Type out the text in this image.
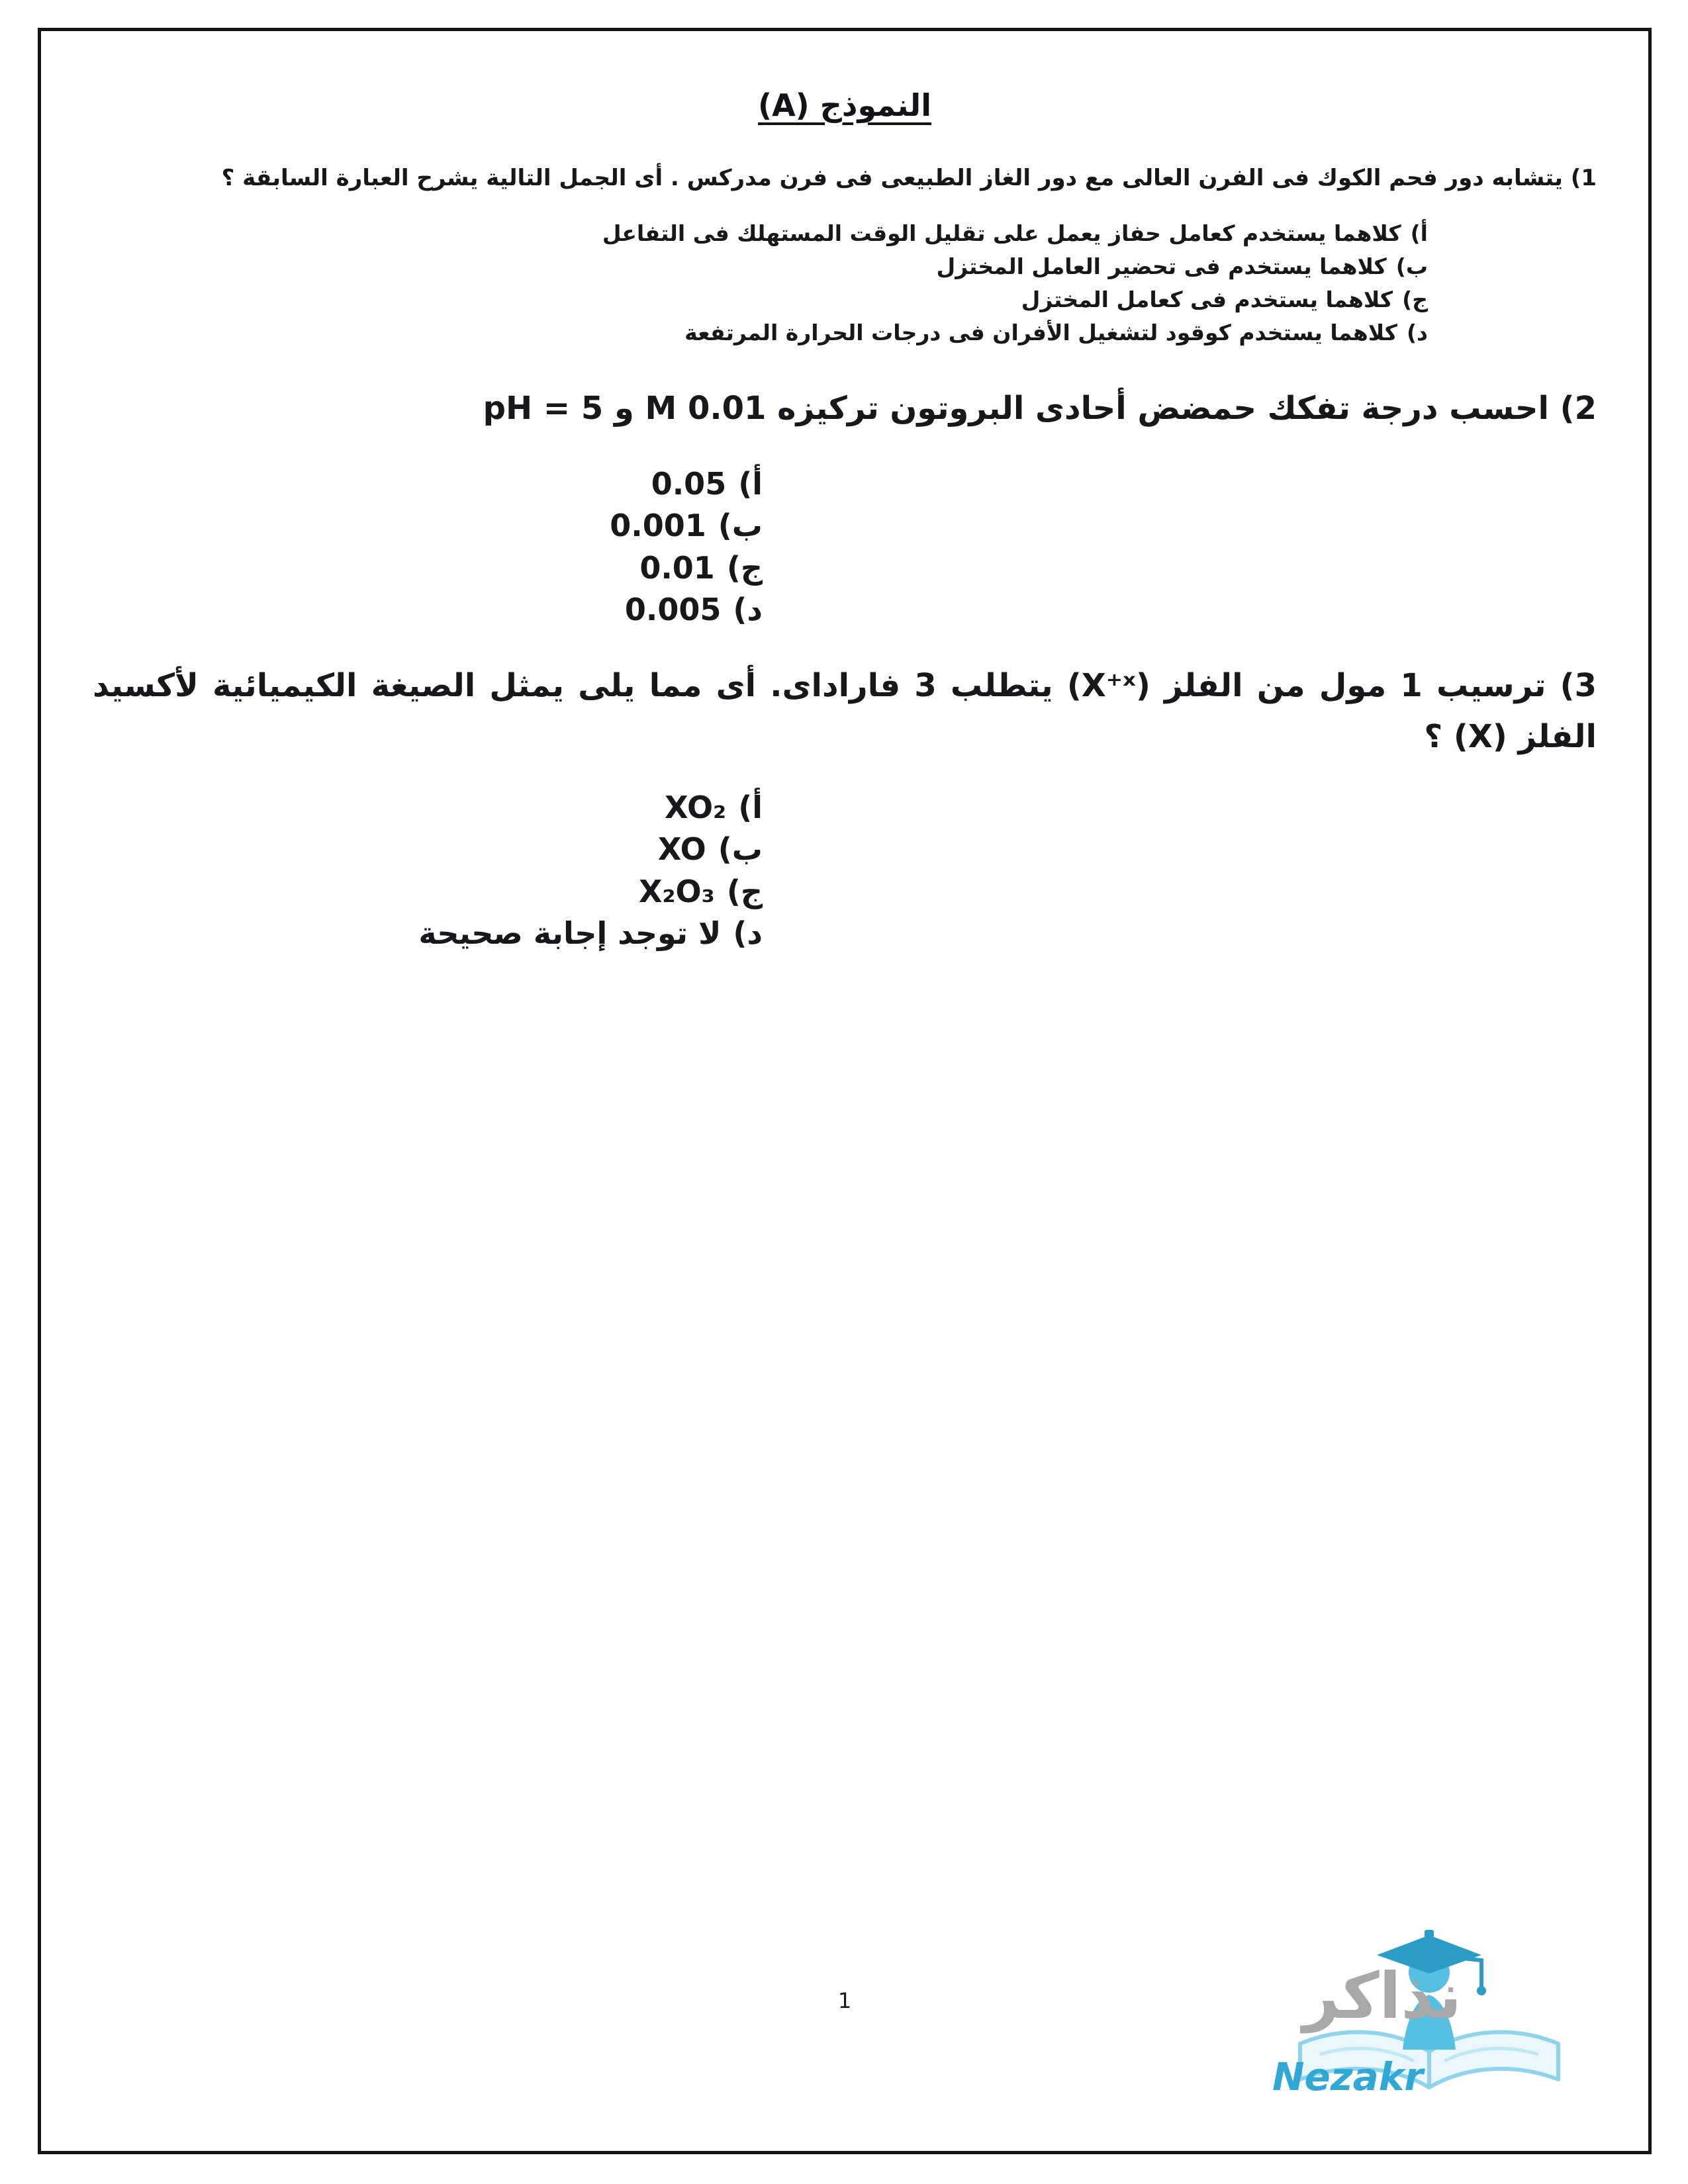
النموذج (A)

1) يتشابه دور فحم الكوك فى الفرن العالى مع دور الغاز الطبيعى فى فرن مدركس . أى الجمل التالية يشرح العبارة السابقة ؟

أ)
كلاهما يستخدم كعامل حفاز يعمل على تقليل الوقت المستهلك فى التفاعل
ب)
كلاهما يستخدم فى تحضير العامل المختزل
ج)
كلاهما يستخدم فى كعامل المختزل
د)
كلاهما يستخدم كوقود لتشغيل الأفران فى درجات الحرارة المرتفعة

2) احسب درجة تفكك حمضض أحادى البروتون تركيزه 0.01 M و pH = 5

أ)
0.05
ب)
0.001
ج)
0.01
د)
0.005

3) ترسيب 1 مول من الفلز (X⁺ˣ) يتطلب 3 فاراداى. أى مما يلى يمثل الصيغة الكيميائية لأكسيد الفلز (X) ؟

أ)
XO₂
ب)
XO
ج)
X₂O₃
د)
لا توجد إجابة صحيحة
1	نذاكر
Nezakr
